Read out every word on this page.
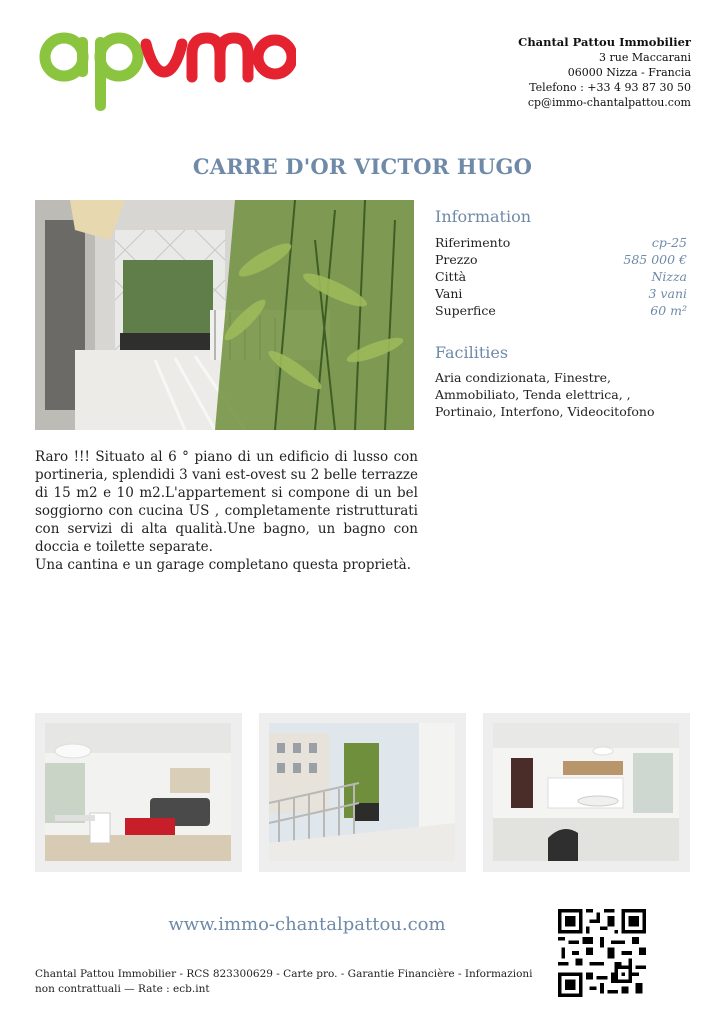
Chantal Pattou Immobilier
3 rue Maccarani
06000 Nizza - Francia
Telefono : +33 4 93 87 30 50
cp@immo-chantalpattou.com
CARRE D'OR VICTOR HUGO
Information
Riferimento	cp-25
Prezzo	585 000 €
Città	Nizza
Vani	3 vani
Superfice	60 m²
Facilities
Aria condizionata, Finestre, Ammobiliato, Tenda elettrica, , Portinaio, Interfono, Videocitofono

Raro !!! Situato al 6 ° piano di un edificio di lusso con portineria, splendidi 3 vani est-ovest su 2 belle terrazze di 15 m2 e 10 m2.L'appartement si compone di un bel soggiorno con cucina US , completamente ristrutturati con servizi di alta qualità.Une bagno, un bagno con doccia e toilette separate.

Una cantina e un garage completano questa proprietà.

www.immo-chantalpattou.com
Chantal Pattou Immobilier - RCS 823300629 - Carte pro. - Garantie Financière - Informazioni non contrattuali — Rate : ecb.int
